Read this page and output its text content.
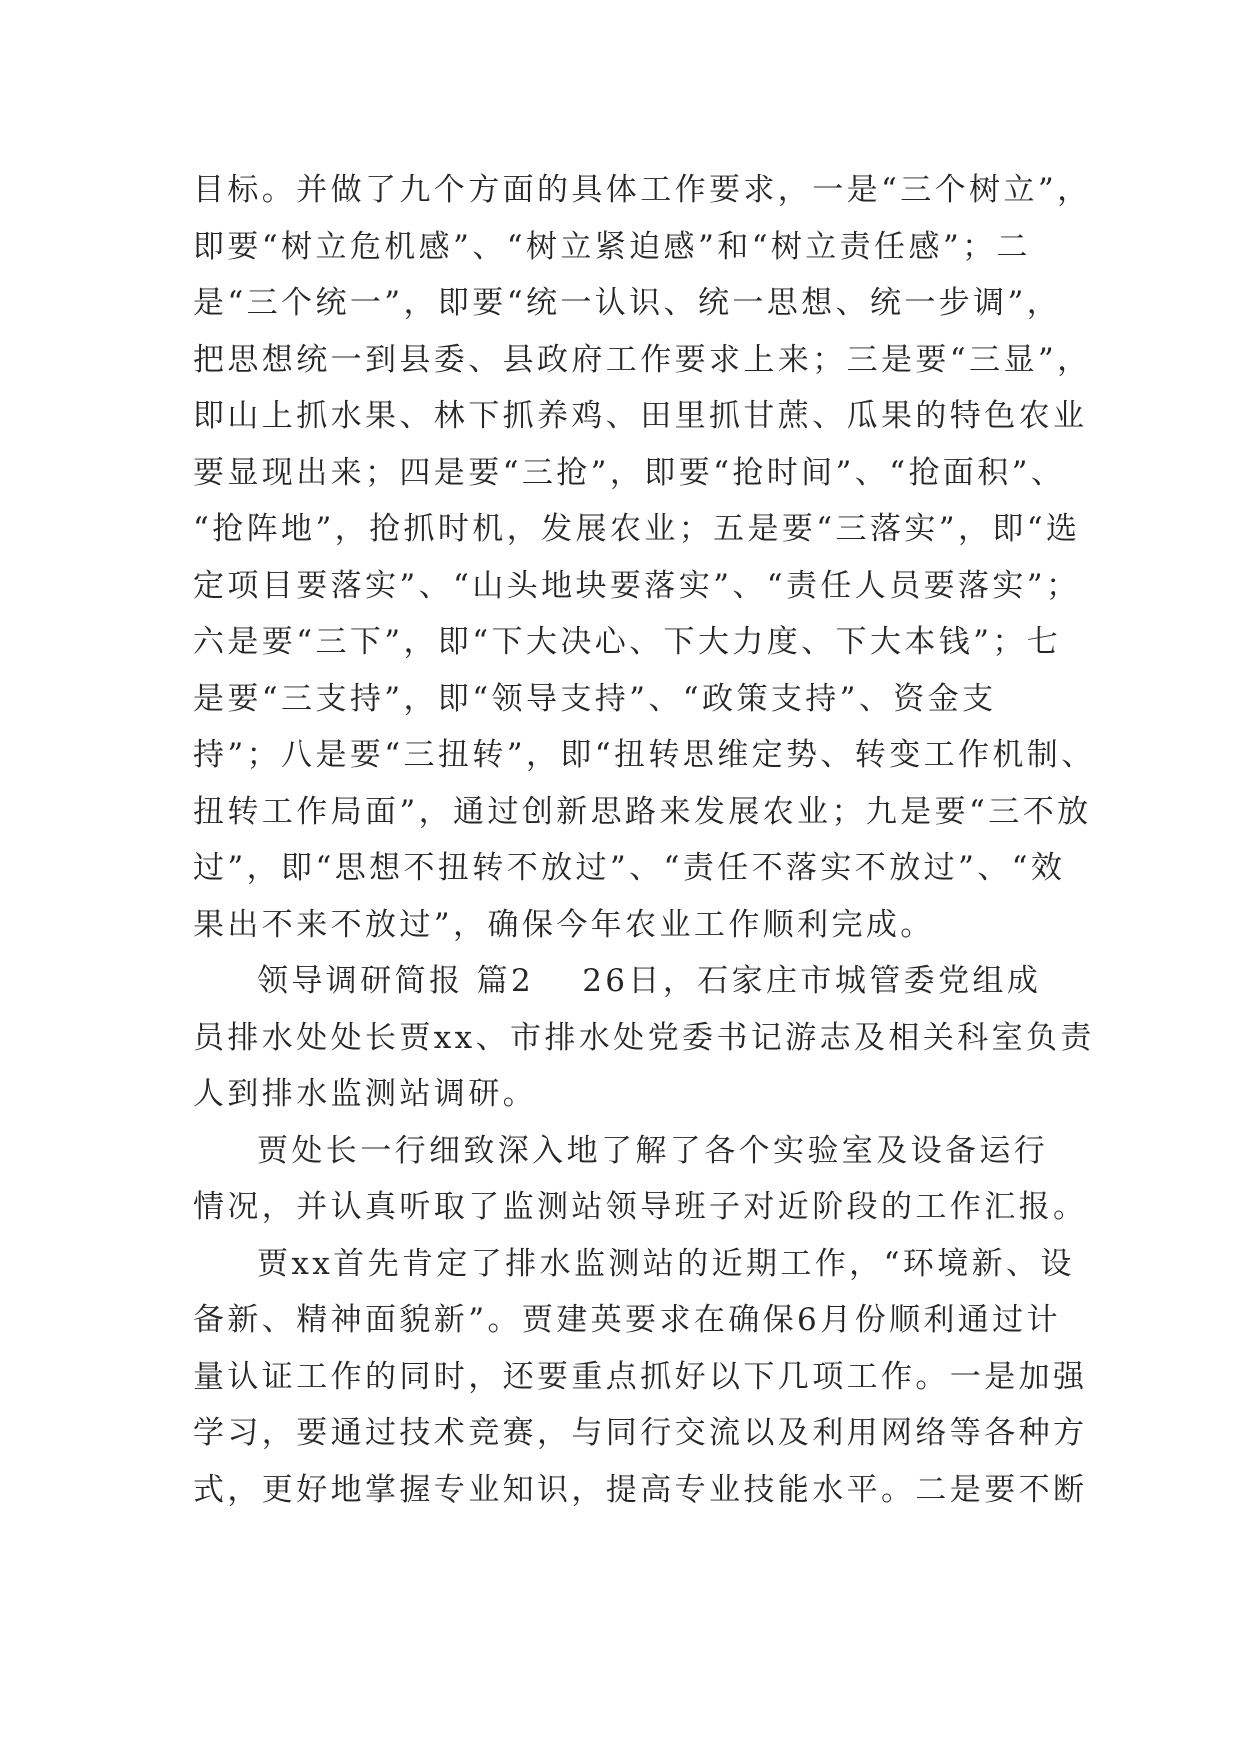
目标。并做了九个方面的具体工作要求，一是“三个树立”，
即要“树立危机感”、“树立紧迫感”和“树立责任感”；二
是“三个统一”，即要“统一认识、统一思想、统一步调”，
把思想统一到县委、县政府工作要求上来；三是要“三显”，
即山上抓水果、林下抓养鸡、田里抓甘蔗、瓜果的特色农业
要显现出来；四是要“三抢”，即要“抢时间”、“抢面积”、
“抢阵地”，抢抓时机，发展农业；五是要“三落实”，即“选
定项目要落实”、“山头地块要落实”、“责任人员要落实”；
六是要“三下”，即“下大决心、下大力度、下大本钱”；七
是要“三支持”，即“领导支持”、“政策支持”、资金支
持”；八是要“三扭转”，即“扭转思维定势、转变工作机制、
扭转工作局面”，通过创新思路来发展农业；九是要“三不放
过”，即“思想不扭转不放过”、“责任不落实不放过”、“效
果出不来不放过”，确保今年农业工作顺利完成。
领导调研简报 篇2 26日，石家庄市城管委党组成
员排水处处长贾xx、市排水处党委书记游志及相关科室负责
人到排水监测站调研。
贾处长一行细致深入地了解了各个实验室及设备运行
情况，并认真听取了监测站领导班子对近阶段的工作汇报。
贾xx首先肯定了排水监测站的近期工作，“环境新、设
备新、精神面貌新”。贾建英要求在确保6月份顺利通过计
量认证工作的同时，还要重点抓好以下几项工作。一是加强
学习，要通过技术竞赛，与同行交流以及利用网络等各种方
式，更好地掌握专业知识，提高专业技能水平。二是要不断
